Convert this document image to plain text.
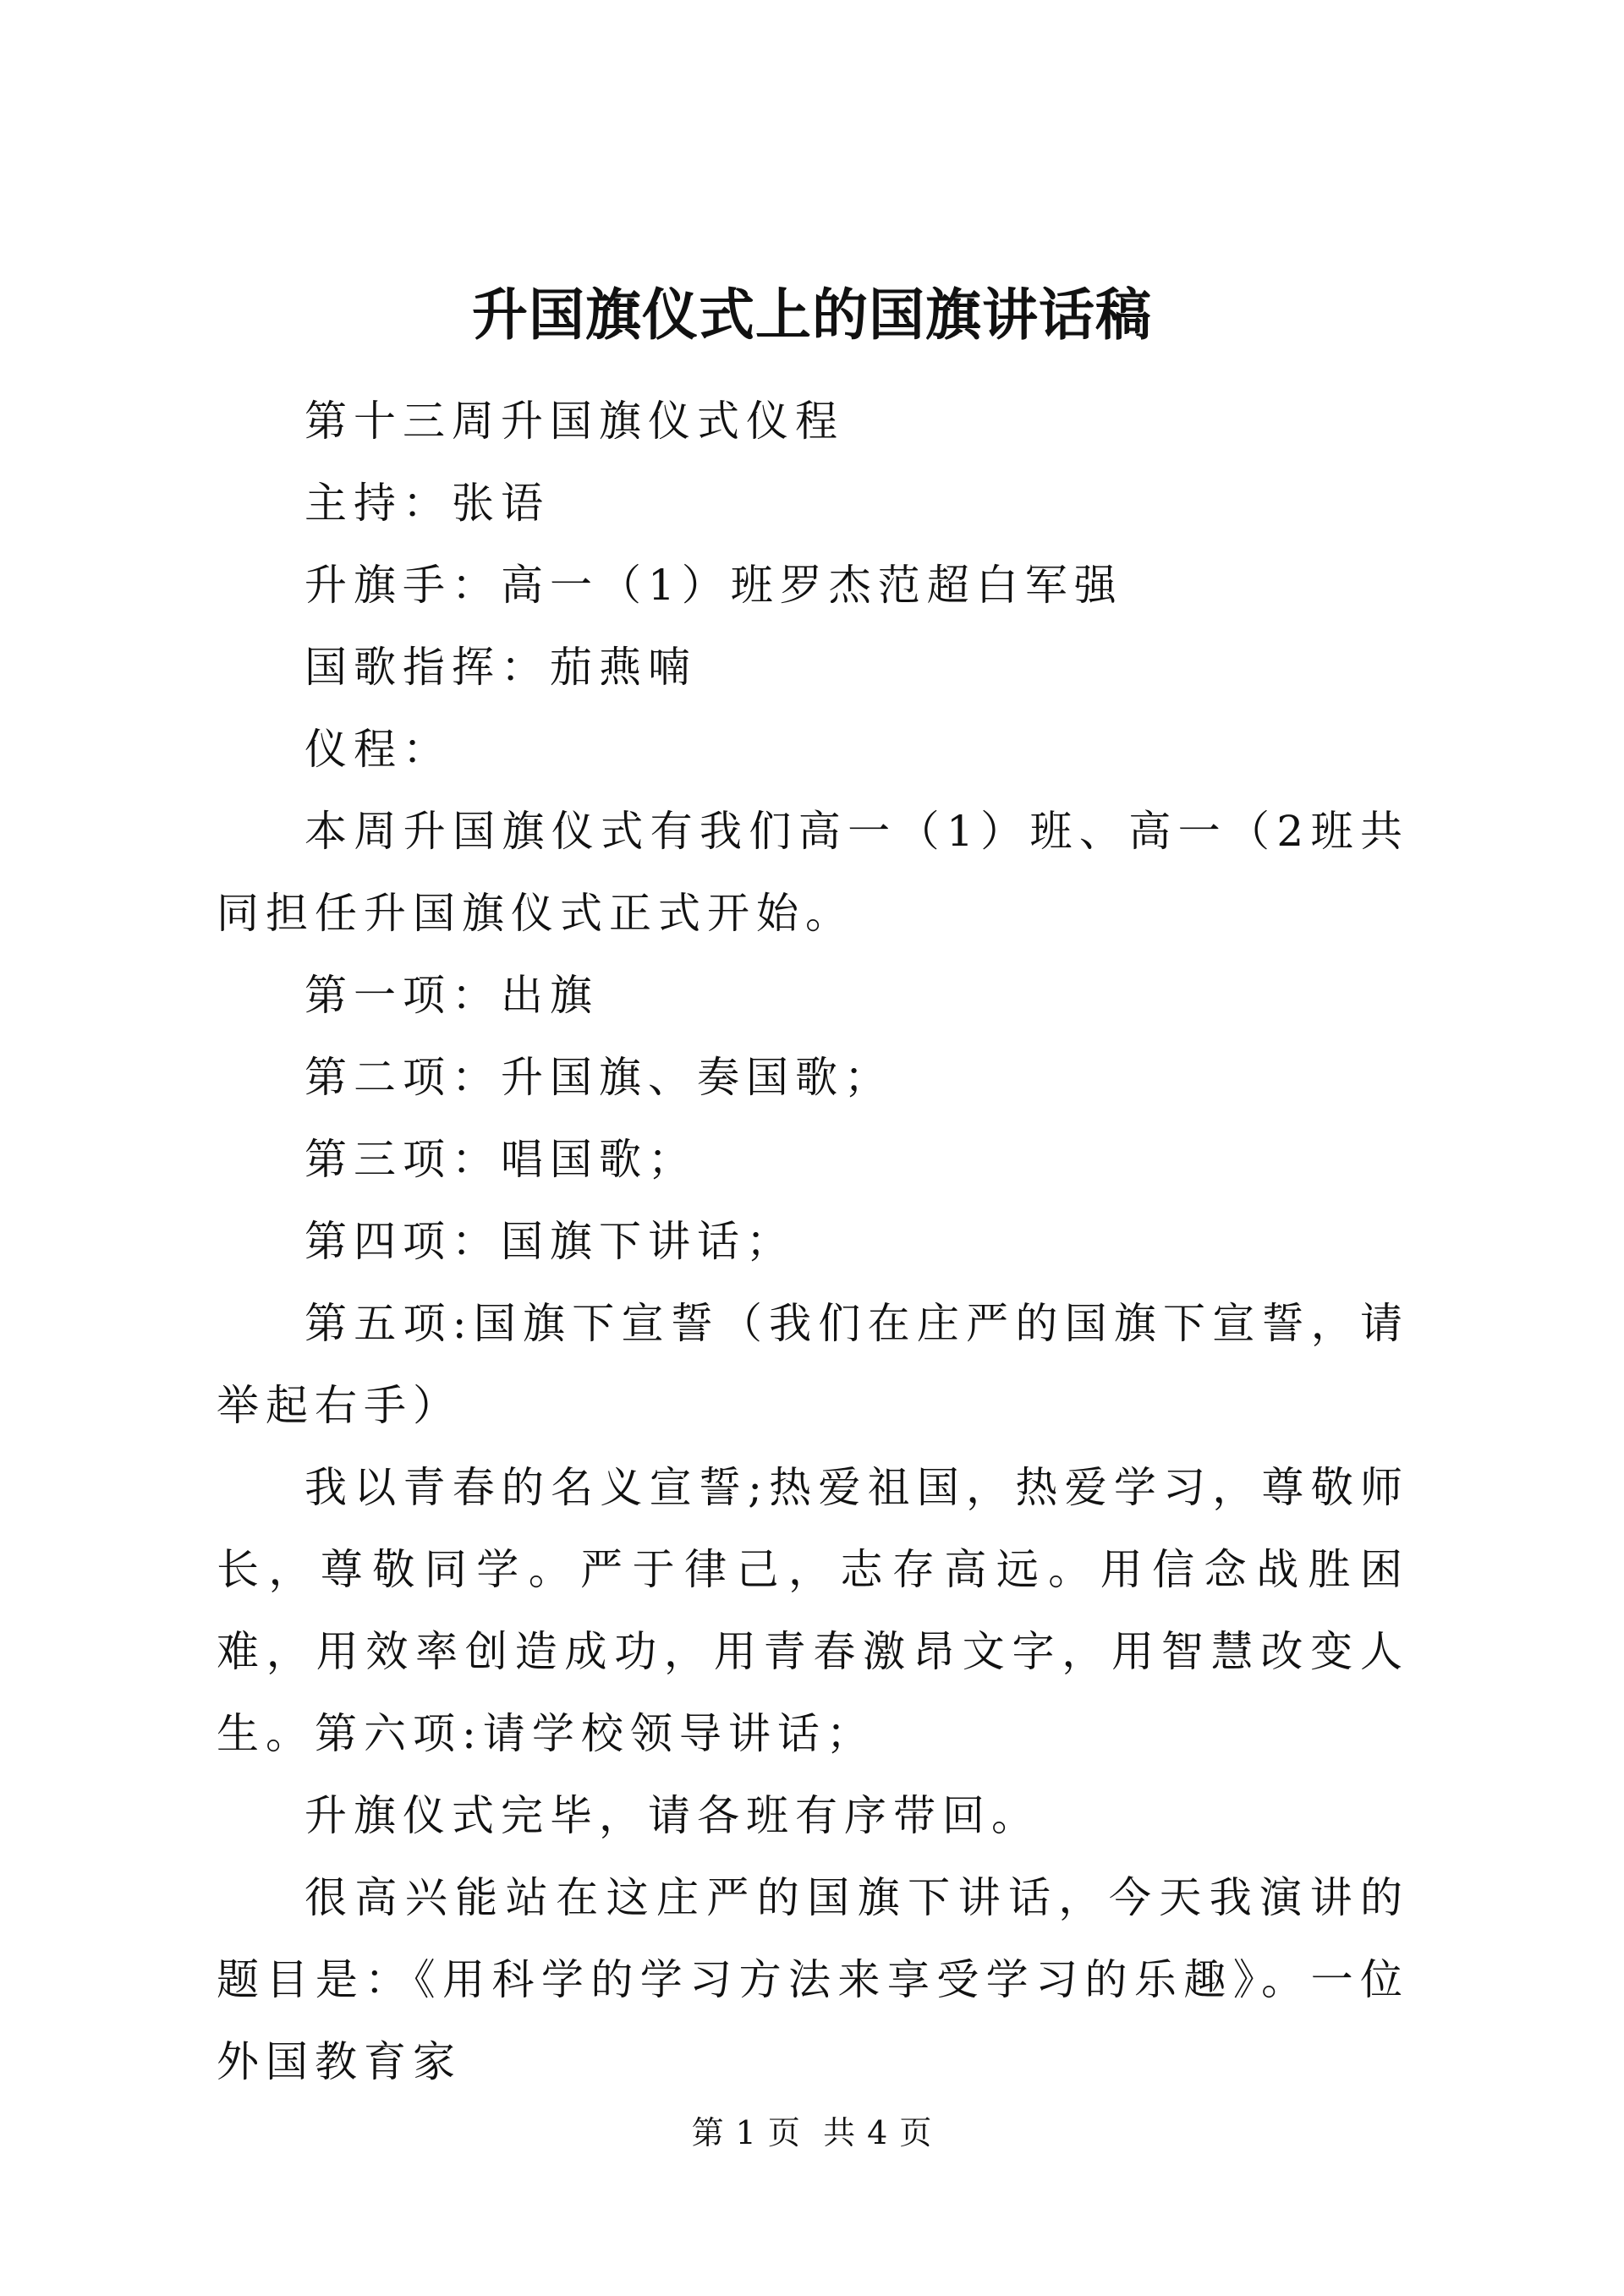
升国旗仪式上的国旗讲话稿

第十三周升国旗仪式仪程

主持：张语

升旗手：高一（1）班罗杰范超白军强

国歌指挥：茄燕喃

仪程：

本周升国旗仪式有我们高一（1）班、高一（2班共同担任升国旗仪式正式开始。

第一项：出旗

第二项：升国旗、奏国歌；

第三项：唱国歌；

第四项：国旗下讲话；

第五项:国旗下宣誓（我们在庄严的国旗下宣誓，请举起右手）

我以青春的名义宣誓;热爱祖国，热爱学习，尊敬师长，尊敬同学。严于律己，志存高远。用信念战胜困难，用效率创造成功，用青春激昂文字，用智慧改变人生。第六项:请学校领导讲话；

升旗仪式完毕，请各班有序带回。

很高兴能站在这庄严的国旗下讲话，今天我演讲的题目是：《用科学的学习方法来享受学习的乐趣》。一位外国教育家

第 1 页  共 4 页
